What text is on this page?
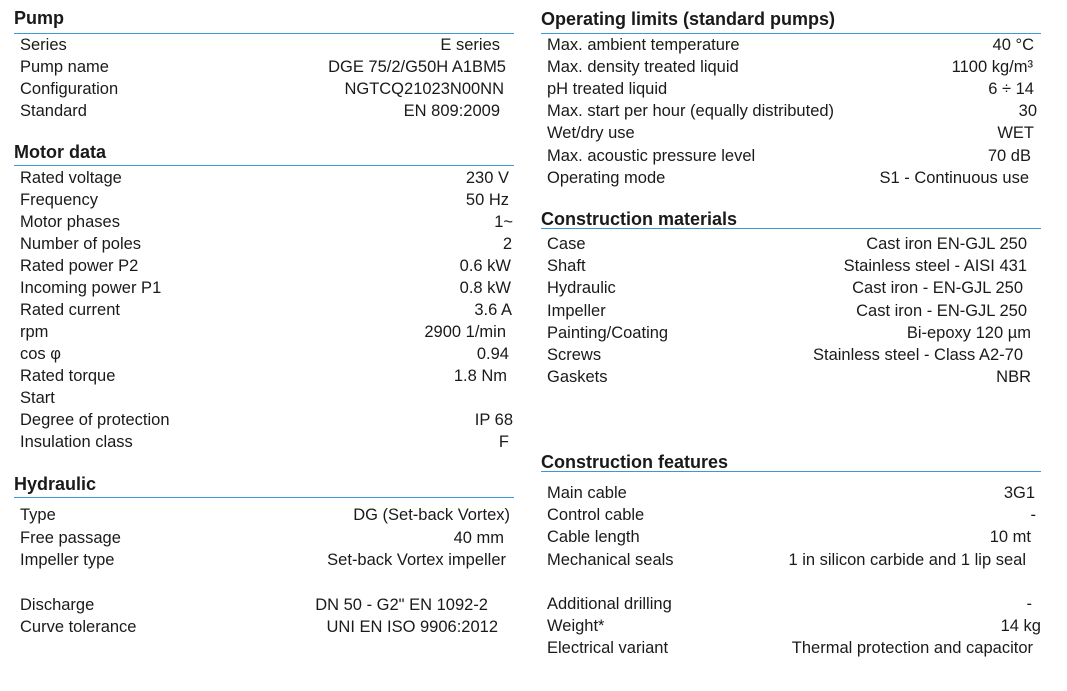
Pump
Series	E series
Pump name	DGE 75/2/G50H A1BM5
Configuration	NGTCQ21023N00NN
Standard	EN 809:2009
Motor data
Rated voltage	230 V
Frequency	50 Hz
Motor phases	1~
Number of poles	2
Rated power P2	0.6 kW
Incoming power P1	0.8 kW
Rated current	3.6 A
rpm	2900 1/min
cos φ	0.94
Rated torque	1.8 Nm
Start
Degree of protection	IP 68
Insulation class	F
Hydraulic
Type	DG (Set-back Vortex)
Free passage	40 mm
Impeller type	Set-back Vortex impeller
Discharge	DN 50 - G2" EN 1092-2
Curve tolerance	UNI EN ISO 9906:2012
Operating limits (standard pumps)
Max. ambient temperature	40 °C
Max. density treated liquid	1100 kg/m³
pH treated liquid	6 ÷ 14
Max. start per hour (equally distributed)	30
Wet/dry use	WET
Max. acoustic pressure level	70 dB
Operating mode	S1 - Continuous use
Construction materials
Case	Cast iron EN-GJL 250
Shaft	Stainless steel - AISI 431
Hydraulic	Cast iron - EN-GJL 250
Impeller	Cast iron - EN-GJL 250
Painting/Coating	Bi-epoxy 120 µm
Screws	Stainless steel - Class A2-70
Gaskets	NBR
Construction features
Main cable	3G1
Control cable	-
Cable length	10 mt
Mechanical seals	1 in silicon carbide and 1 lip seal
Additional drilling	-
Weight*	14 kg
Electrical variant	Thermal protection and capacitor
